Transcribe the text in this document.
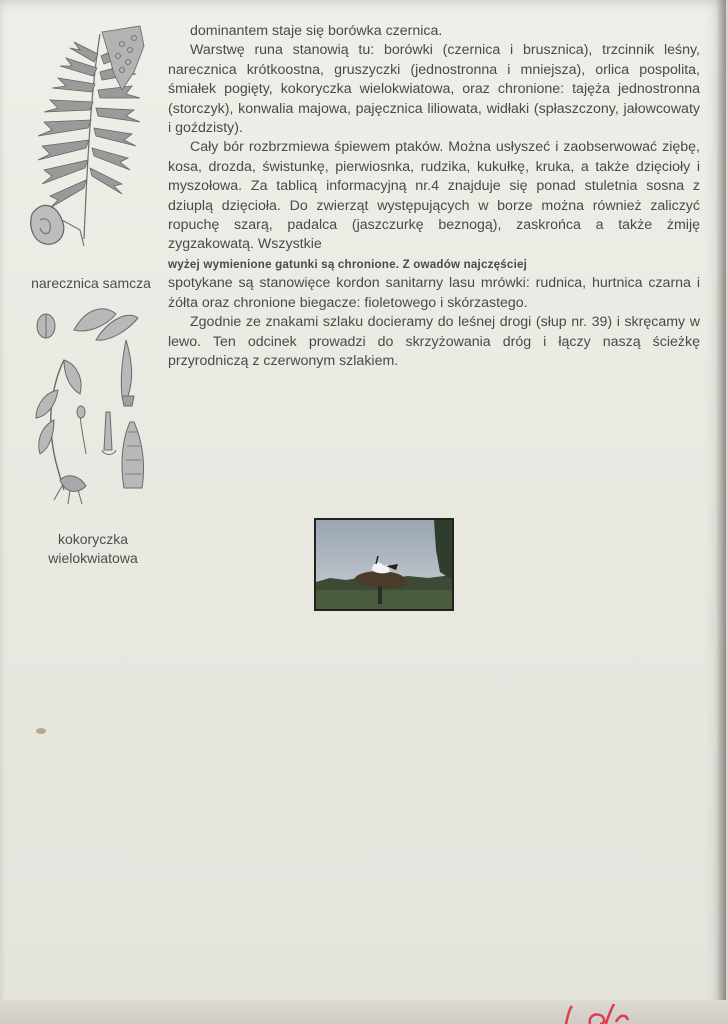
narecznica samcza
kokoryczka
wielokwiatowa

dominantem staje się borówka czernica.

Warstwę runa stanowią tu: borówki (czernica i brusznica), trzcinnik leśny, narecznica krótkoostna, gruszyczki (jednostronna i mniejsza), orlica pospolita, śmiałek pogięty, kokoryczka wielokwiatowa, oraz chronione: tajęża jednostronna (storczyk), konwalia majowa, pajęcznica liliowata, widłaki (spłaszczony, jałowcowaty i goździsty).

Cały bór rozbrzmiewa śpiewem ptaków. Można usłyszeć i zaobserwować ziębę, kosa, drozda, świstunkę, pierwiosnka, rudzika, kukułkę, kruka, a także dzięcioły i myszołowa. Za tablicą informacyjną nr.4 znajduje się ponad stuletnia sosna z dziuplą dzięcioła. Do zwierząt występujących w borze można również zaliczyć ropuchę szarą, padalca (jaszczurkę beznogą), zaskrońca a także żmiję zygzakowatą. Wszystkie

wyżej wymienione gatunki są chronione. Z owadów najczęściej

spotykane są stanowięce kordon sanitarny lasu mrówki: rudnica, hurtnica czarna i żółta oraz chronione biegacze: fioletowego i skórzastego.

Zgodnie ze znakami szlaku docieramy do leśnej drogi (słup nr. 39) i skręcamy w lewo. Ten odcinek prowadzi do skrzyżowania dróg i łączy naszą ścieżkę przyrodniczą z czerwonym szlakiem.
